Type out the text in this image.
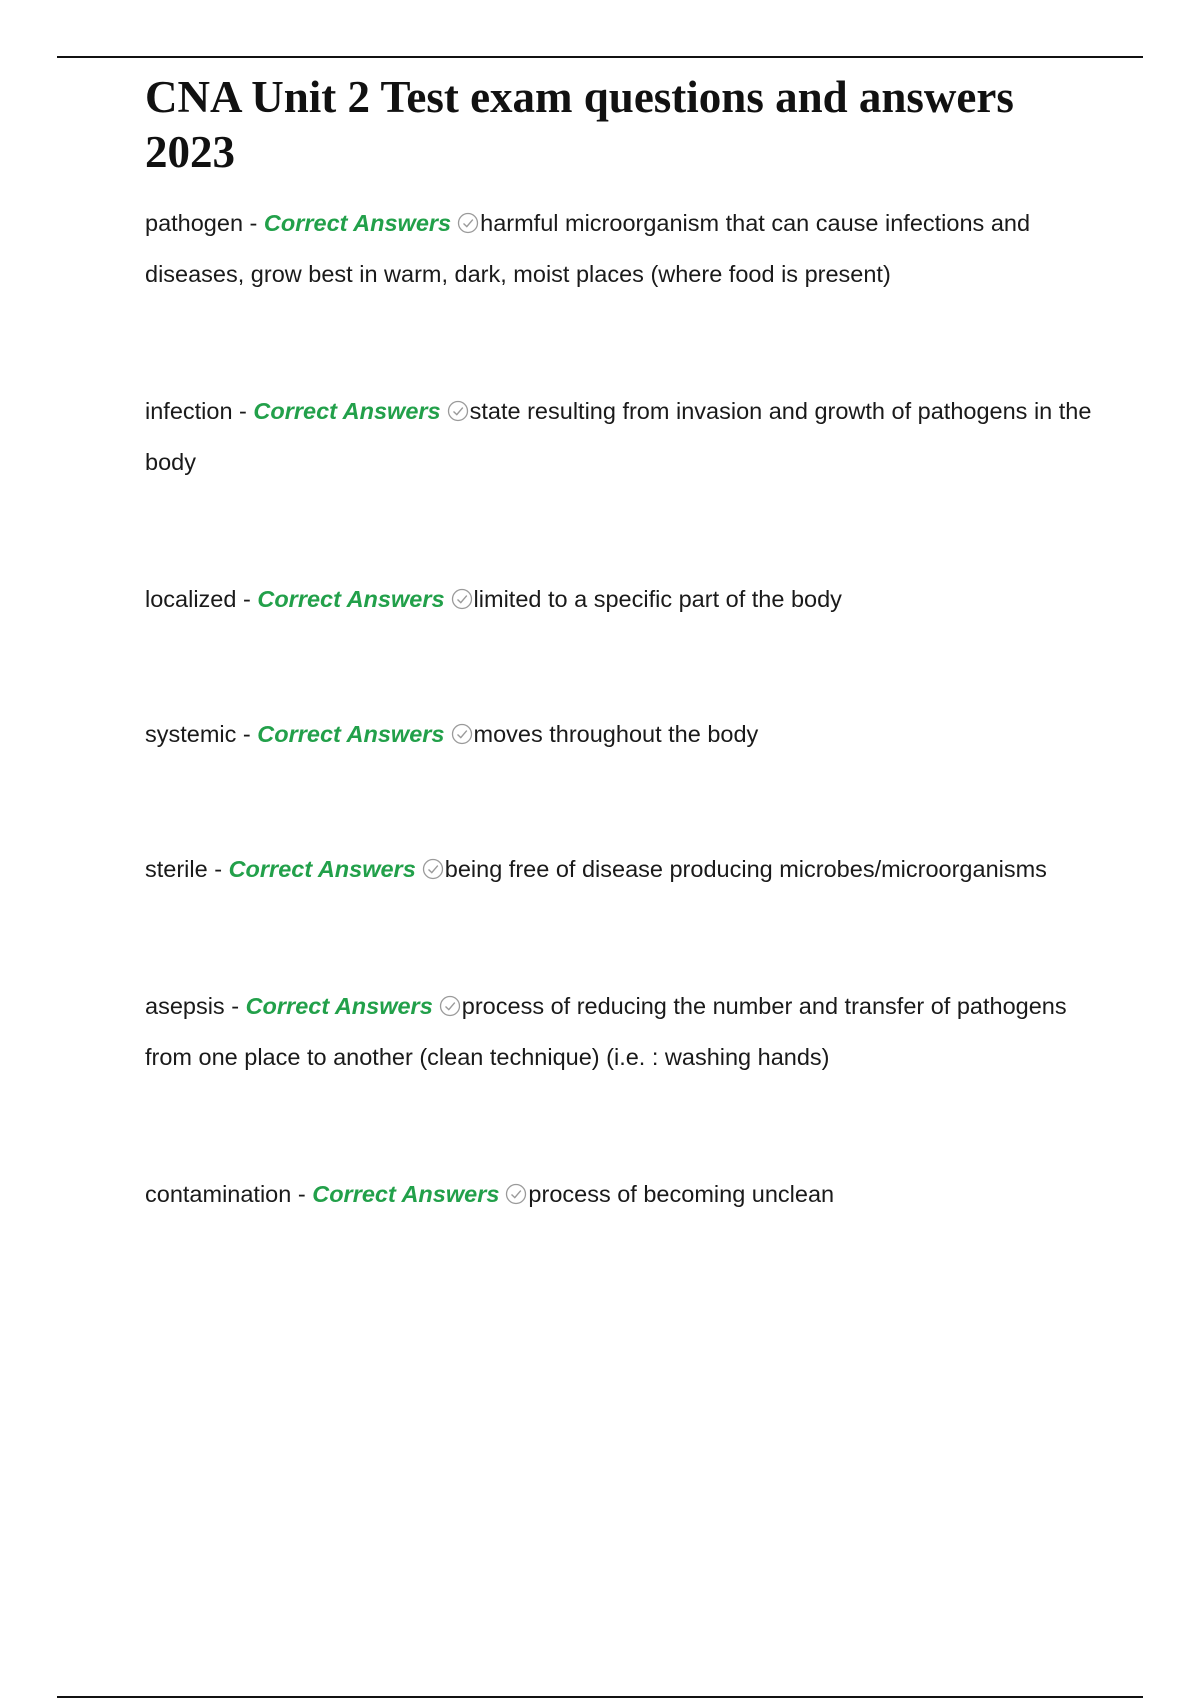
CNA Unit 2 Test exam questions and answers 2023
pathogen - Correct Answers harmful microorganism that can cause infections and diseases, grow best in warm, dark, moist places (where food is present)
infection - Correct Answers state resulting from invasion and growth of pathogens in the body
localized - Correct Answers limited to a specific part of the body
systemic - Correct Answers moves throughout the body
sterile - Correct Answers being free of disease producing microbes/microorganisms
asepsis - Correct Answers process of reducing the number and transfer of pathogens from one place to another (clean technique) (i.e. : washing hands)
contamination - Correct Answers process of becoming unclean
